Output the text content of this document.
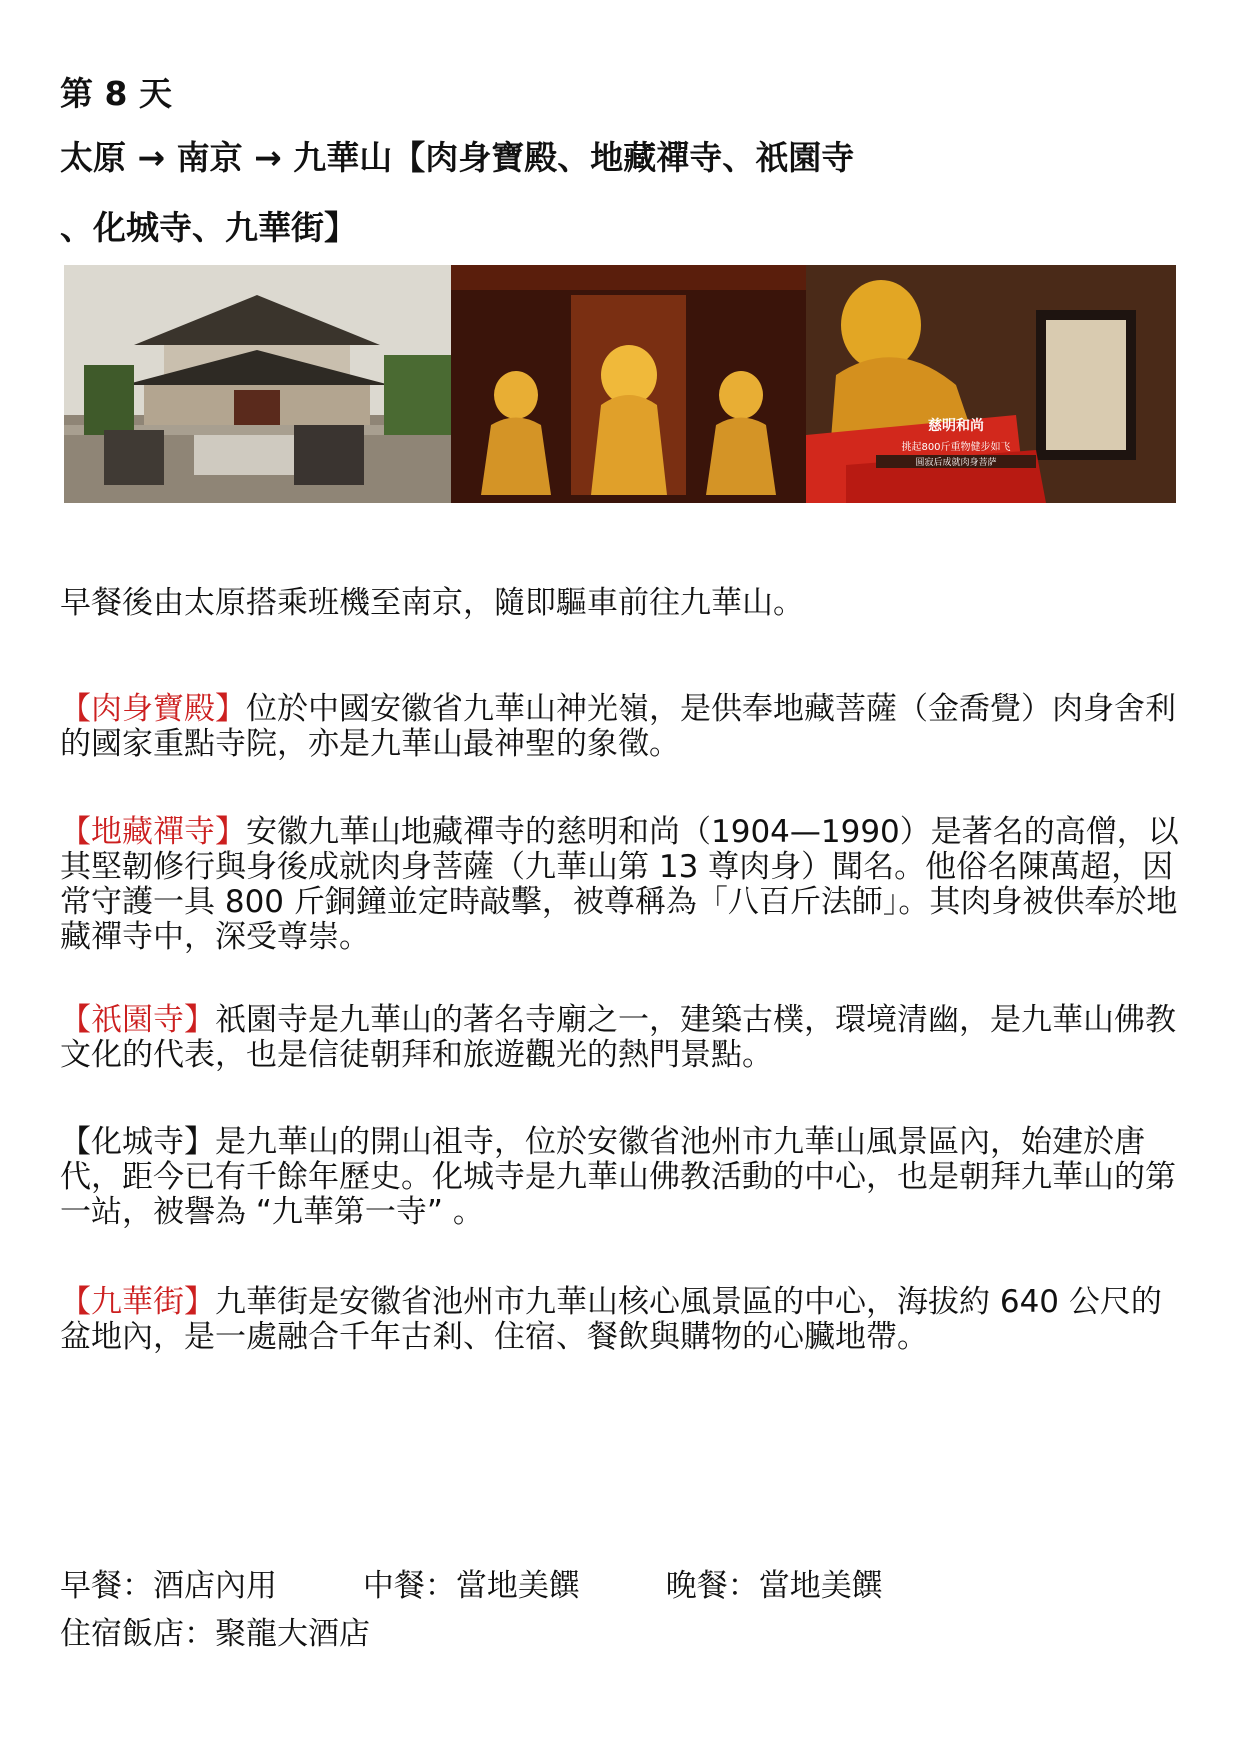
第 8 天
太原 → 南京 → 九華山【肉身寶殿、地藏禪寺、祇園寺
、化城寺、九華街】
慈明和尚
挑起800斤重物健步如飞
圆寂后成就肉身菩萨
早餐後由太原搭乘班機至南京，隨即驅車前往九華山。
【肉身寶殿】位於中國安徽省九華山神光嶺，是供奉地藏菩薩（金喬覺）肉身舍利的國家重點寺院，亦是九華山最神聖的象徵。
【地藏禪寺】安徽九華山地藏禪寺的慈明和尚（1904—1990）是著名的高僧，以其堅韌修行與身後成就肉身菩薩（九華山第 13 尊肉身）聞名。他俗名陳萬超，因常守護一具 800 斤銅鐘並定時敲擊，被尊稱為「八百斤法師」。其肉身被供奉於地藏禪寺中，深受尊崇。
【祇園寺】祇園寺是九華山的著名寺廟之一，建築古樸，環境清幽，是九華山佛教文化的代表，也是信徒朝拜和旅遊觀光的熱門景點。
【化城寺】是九華山的開山祖寺，位於安徽省池州市九華山風景區內，始建於唐代，距今已有千餘年歷史。化城寺是九華山佛教活動的中心，也是朝拜九華山的第一站，被譽為 “九華第一寺” 。
【九華街】九華街是安徽省池州市九華山核心風景區的中心，海拔約 640 公尺的盆地內，是一處融合千年古剎、住宿、餐飲與購物的心臟地帶。
早餐：酒店內用	中餐：當地美饌	晚餐：當地美饌
住宿飯店：聚龍大酒店
